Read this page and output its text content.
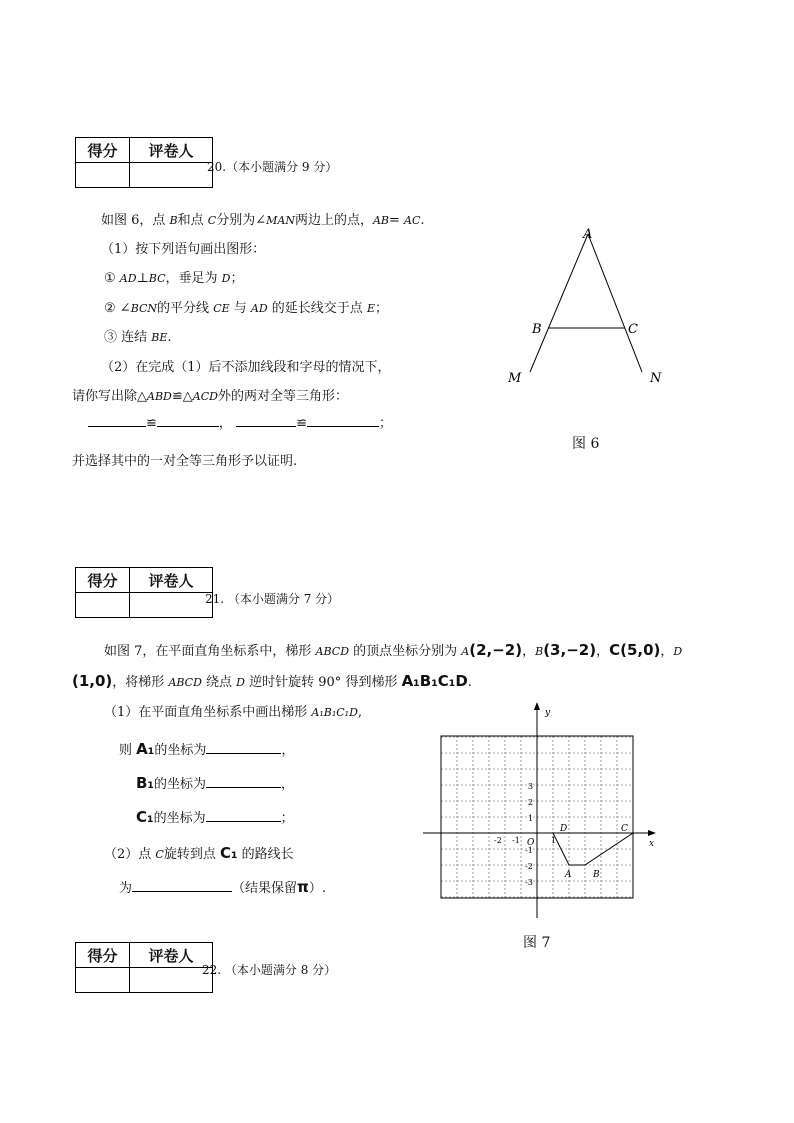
得分	评卷人

20.（本小题满分 9 分）
如图 6，点 B和点 C分别为∠MAN两边上的点，AB= AC.
（1）按下列语句画出图形：
① AD⊥BC，垂足为 D；
② ∠BCN的平分线 CE 与 AD 的延长线交于点 E；
③ 连结 BE.
（2）在完成（1）后不添加线段和字母的情况下，
请你写出除△ABD≌△ACD外的两对全等三角形：
≌	，	≌	；
并选择其中的一对全等三角形予以证明.
A
B	C
M	N
图 6
得分	评卷人

21. （本小题满分 7 分）
如图 7，在平面直角坐标系中，梯形 ABCD 的顶点坐标分别为 A(2,−2)，B(3,−2)，C(5,0)，D
(1,0)，将梯形 ABCD 绕点 D 逆时针旋转 90° 得到梯形 A₁B₁C₁D.
（1）在平面直角坐标系中画出梯形 A₁B₁C₁D,
则 A₁的坐标为	，
B₁的坐标为	，
C₁的坐标为	；
（2）点 C旋转到点 C₁ 的路线长
为	（结果保留π）.
x
y
O
-2 -1	1
3
2
1
-1
-2
-3
D	C
A B
图 7
得分	评卷人

22. （本小题满分 8 分）
